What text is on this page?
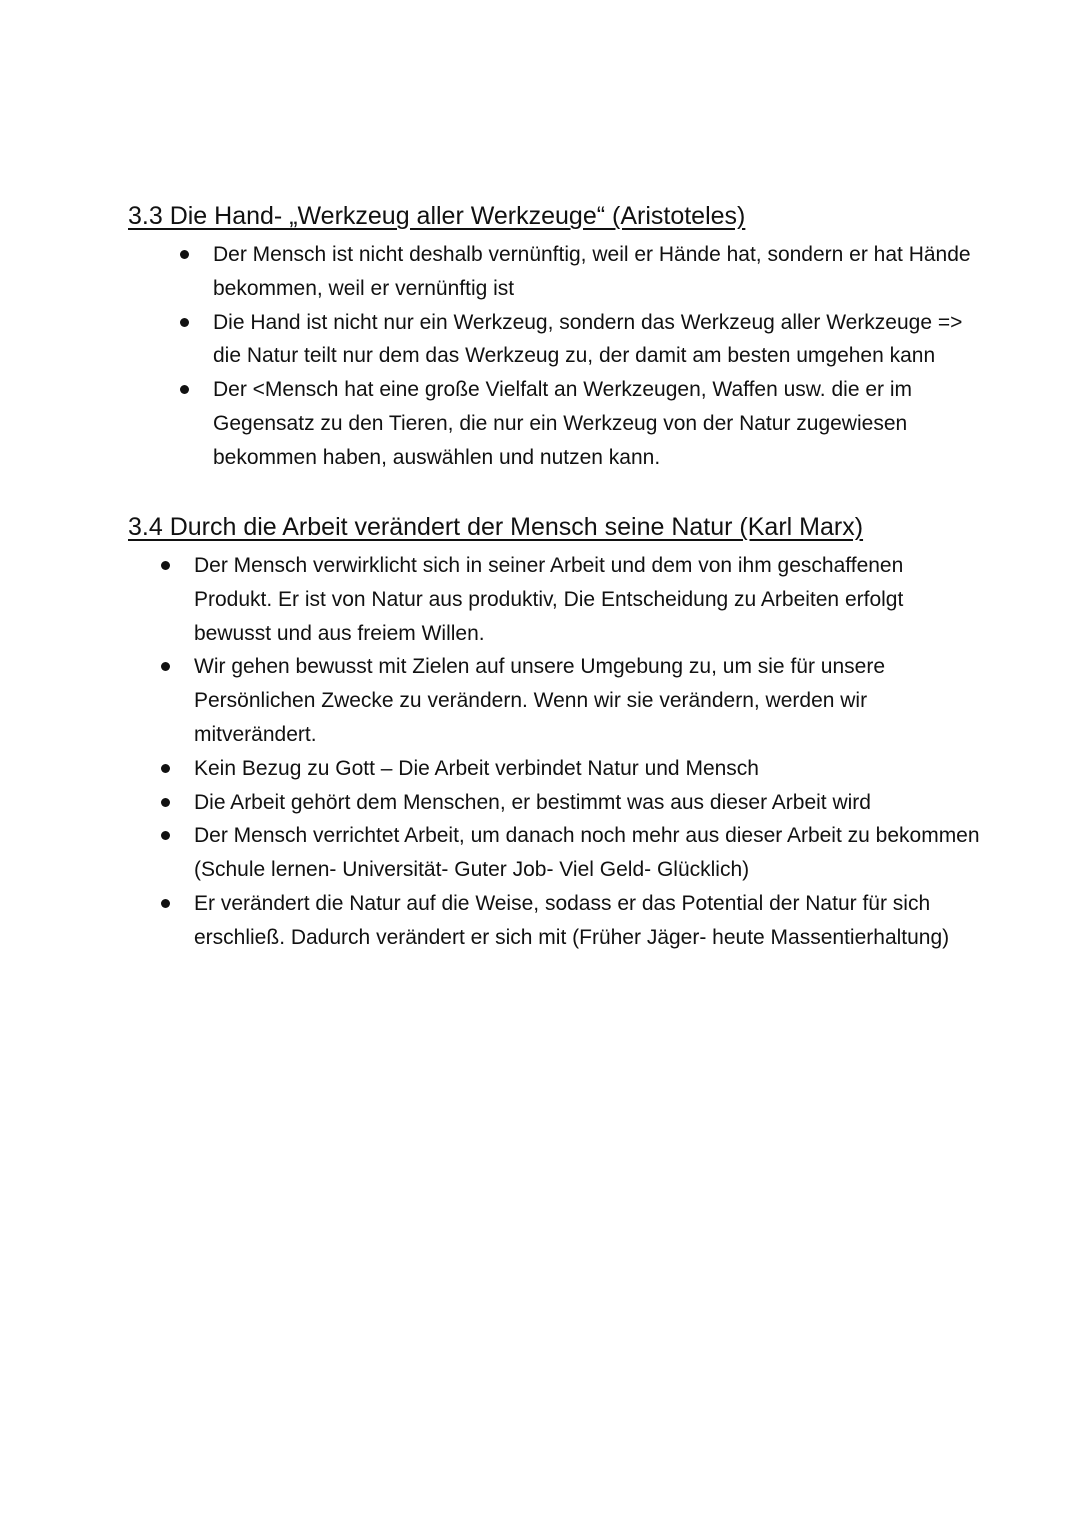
3.3 Die Hand- „Werkzeug aller Werkzeuge“ (Aristoteles)
Der Mensch ist nicht deshalb vernünftig, weil er Hände hat, sondern er hat Hände bekommen, weil er vernünftig ist
Die Hand ist nicht nur ein Werkzeug, sondern das Werkzeug aller Werkzeuge => die Natur teilt nur dem das Werkzeug zu, der damit am besten umgehen kann
Der <Mensch hat eine große Vielfalt an Werkzeugen, Waffen usw. die er im Gegensatz zu den Tieren, die nur ein Werkzeug von der Natur zugewiesen bekommen haben, auswählen und nutzen kann.
3.4 Durch die Arbeit verändert der Mensch seine Natur (Karl Marx)
Der Mensch verwirklicht sich in seiner Arbeit und dem von ihm geschaffenen Produkt. Er ist von Natur aus produktiv, Die Entscheidung zu Arbeiten erfolgt bewusst und aus freiem Willen.
Wir gehen bewusst mit Zielen auf unsere Umgebung zu, um sie für unsere Persönlichen Zwecke zu verändern. Wenn wir sie verändern, werden wir mitverändert.
Kein Bezug zu Gott – Die Arbeit verbindet Natur und Mensch
Die Arbeit gehört dem Menschen, er bestimmt was aus dieser Arbeit wird
Der Mensch verrichtet Arbeit, um danach noch mehr aus dieser Arbeit zu bekommen (Schule lernen- Universität- Guter Job- Viel Geld- Glücklich)
Er verändert die Natur auf die Weise, sodass er das Potential der Natur für sich erschließ. Dadurch verändert er sich mit (Früher Jäger- heute Massentierhaltung)
